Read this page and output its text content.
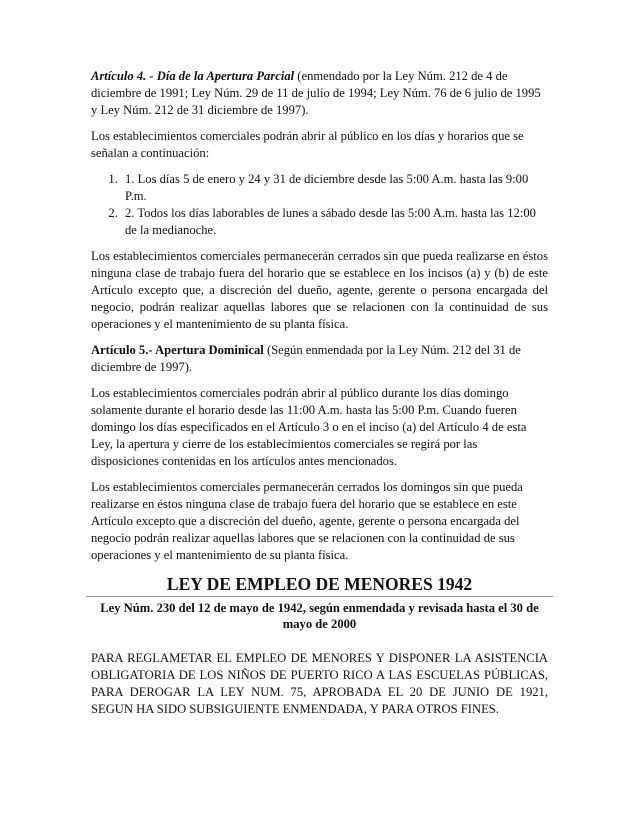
Artículo 4. - Día de la Apertura Parcial (enmendado por la Ley Núm. 212 de 4 de diciembre de 1991; Ley Núm. 29 de 11 de julio de 1994; Ley Núm. 76 de 6 julio de 1995 y Ley Núm. 212 de 31 diciembre de 1997).

Los establecimientos comerciales podrán abrir al público en los días y horarios que se señalan a continuación:

1. 1. Los días 5 de enero y 24 y 31 de diciembre desde las 5:00 A.m. hasta las 9:00 P.m.
2. 2. Todos los días laborables de lunes a sábado desde las 5:00 A.m. hasta las 12:00 de la medianoche.

Los establecimientos comerciales permanecerán cerrados sin que pueda realizarse en éstos ninguna clase de trabajo fuera del horario que se establece en los incisos (a) y (b) de este Artículo excepto que, a discreción del dueño, agente, gerente o persona encargada del negocio, podrán realizar aquellas labores que se relacionen con la continuidad de sus operaciones y el mantenimiento de su planta física.

Artículo 5.- Apertura Dominical (Según enmendada por la Ley Núm. 212 del 31 de diciembre de 1997).

Los establecimientos comerciales podrán abrir al público durante los días domingo solamente durante el horario desde las 11:00 A.m. hasta las 5:00 P.m. Cuando fueren domingo los días especificados en el Artículo 3 o en el inciso (a) del Artículo 4 de esta Ley, la apertura y cierre de los establecimientos comerciales se regirá por las disposiciones contenidas en los artículos antes mencionados.

Los establecimientos comerciales permanecerán cerrados los domingos sin que pueda realizarse en éstos ninguna clase de trabajo fuera del horario que se establece en este Artículo excepto que a discreción del dueño, agente, gerente o persona encargada del negocio podrán realizar aquellas labores que se relacionen con la continuidad de sus operaciones y el mantenimiento de su planta física.

LEY DE EMPLEO DE MENORES 1942
Ley Núm. 230 del 12 de mayo de 1942, según enmendada y revisada hasta el 30 de mayo de 2000

PARA REGLAMETAR EL EMPLEO DE MENORES Y DISPONER LA ASISTENCIA OBLIGATORIA DE LOS NIÑOS DE PUERTO RICO A LAS ESCUELAS PÚBLICAS, PARA DEROGAR LA LEY NUM. 75, APROBADA EL 20 DE JUNIO DE 1921, SEGUN HA SIDO SUBSIGUIENTE ENMENDADA, Y PARA OTROS FINES.
